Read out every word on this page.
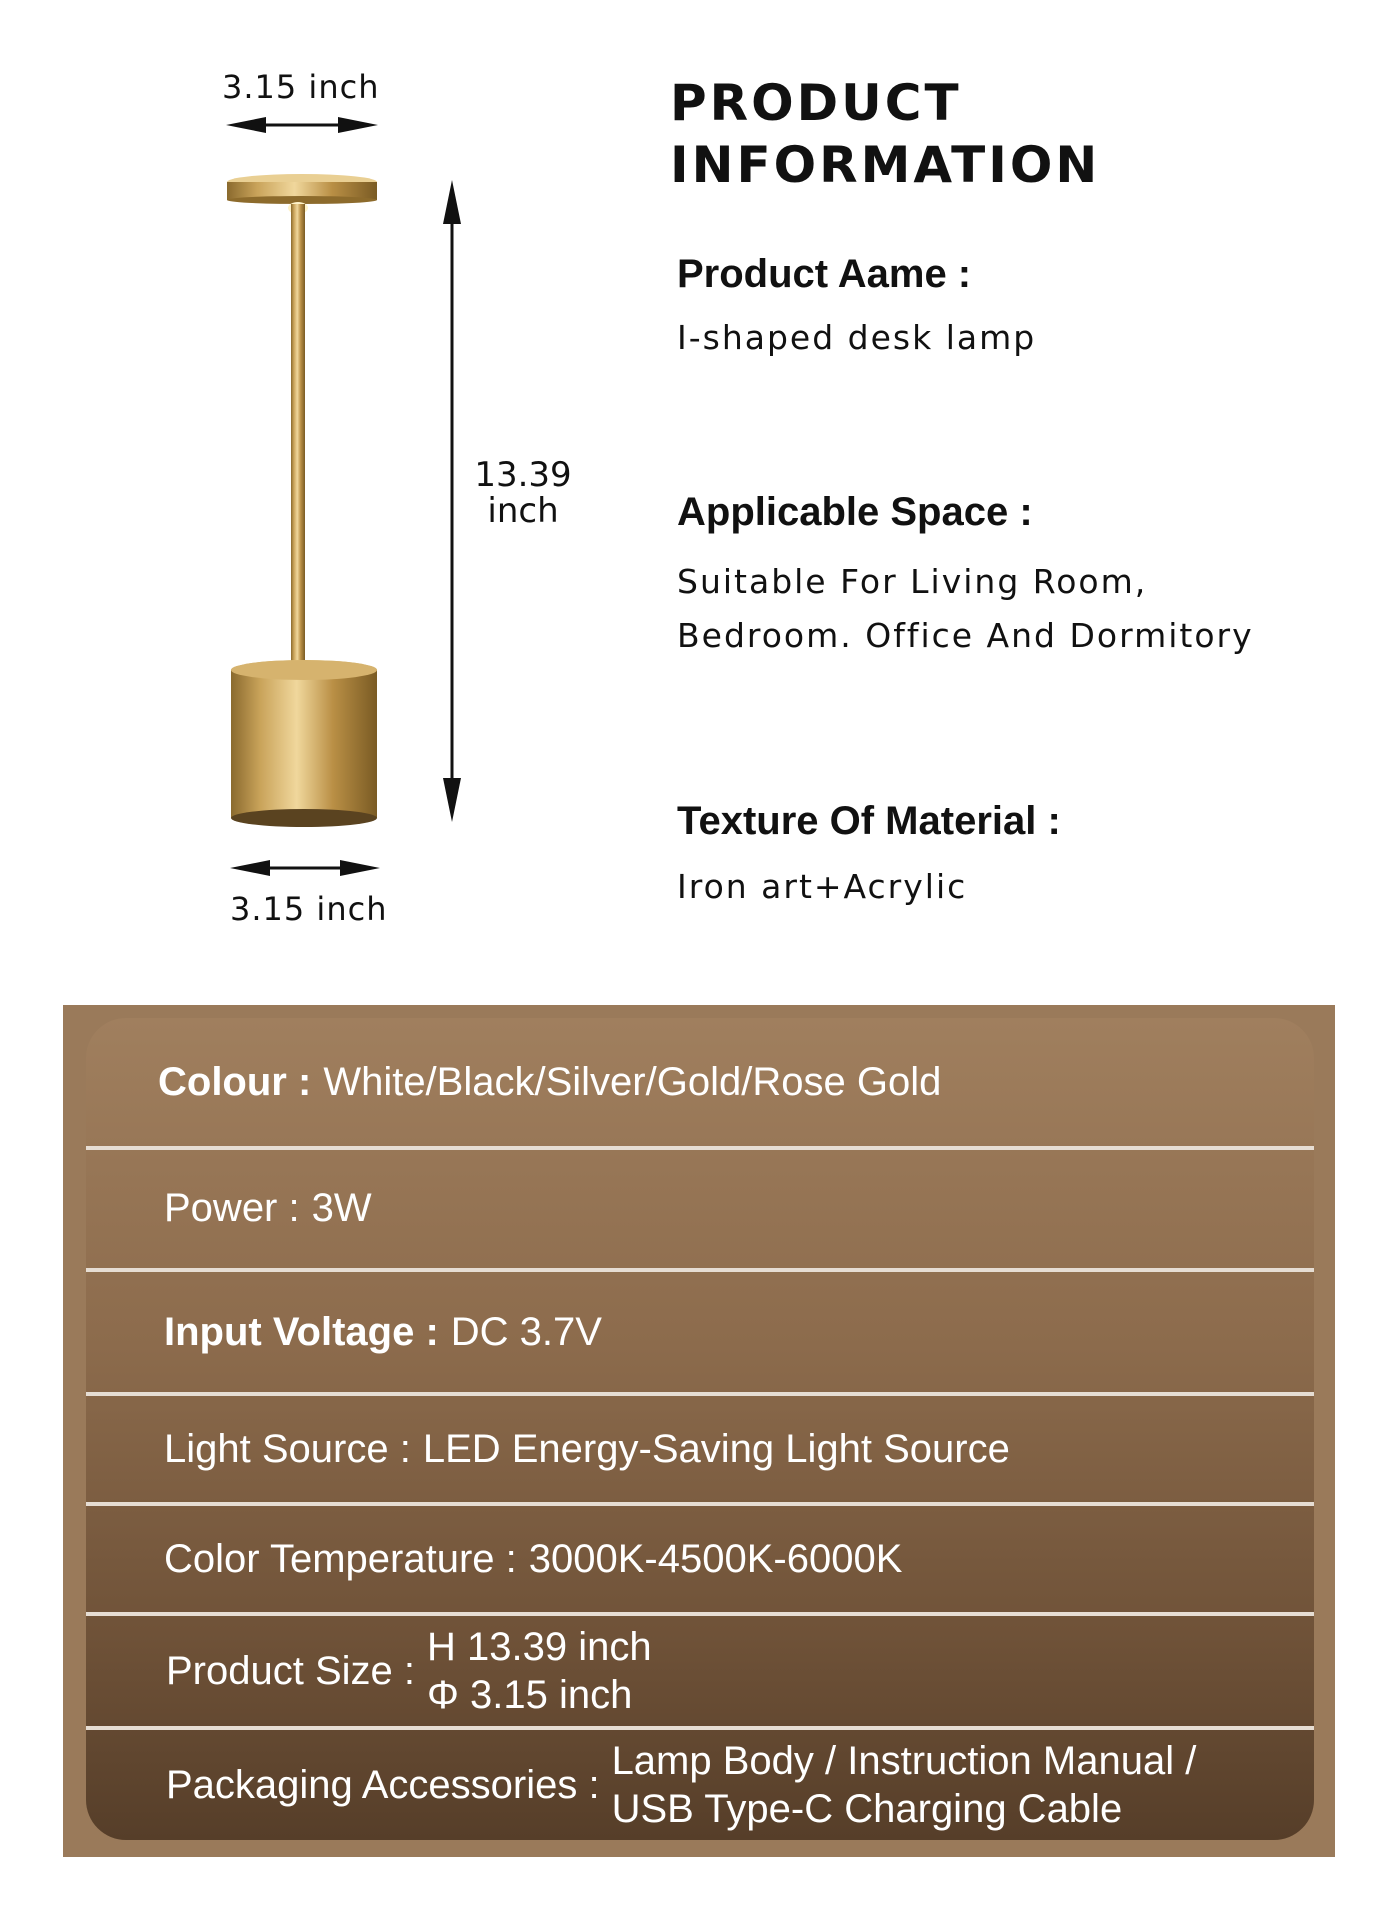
3.15 inch
13.39
inch
3.15 inch
PRODUCT
INFORMATION
Product Aame :
I-shaped desk lamp
Applicable Space :
Suitable For Living Room,
Bedroom. Office And Dormitory
Texture Of Material :
Iron art+Acrylic
Colour : White/Black/Silver/Gold/Rose Gold
Power : 3W
Input Voltage : DC 3.7V
Light Source : LED Energy-Saving Light Source
Color Temperature : 3000K-4500K-6000K
Product Size :
H 13.39 inch
Φ 3.15 inch
Packaging Accessories :
Lamp Body / Instruction Manual /
USB Type-C Charging Cable
